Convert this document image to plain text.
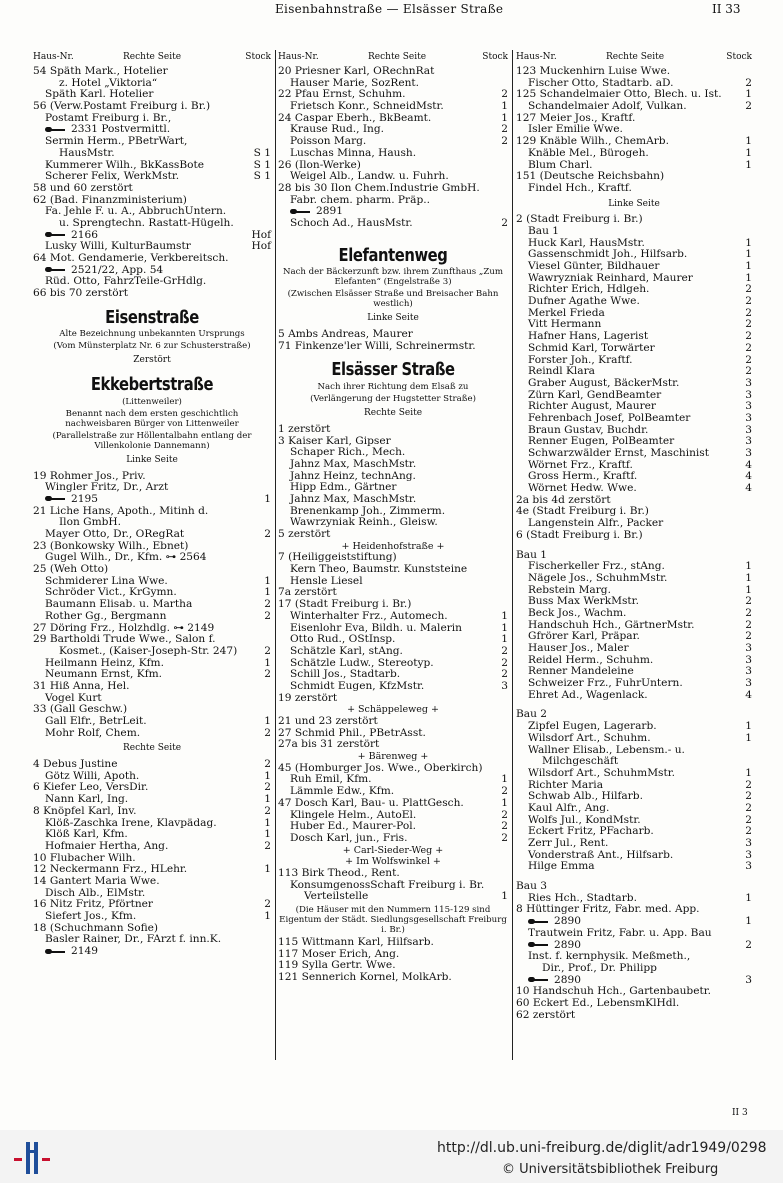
Eisenbahnstraße — Elsässer Straße	II 33
Haus-Nr.	Rechte Seite	Stock Haus-Nr.	Rechte Seite	Stock Haus-Nr.	Rechte Seite	Stock
54 Späth Mark., Hotelier
z. Hotel „Viktoria“
Späth Karl. Hotelier
56 (Verw.Postamt Freiburg i. Br.)
Postamt Freiburg i. Br.,
2331 Postvermittl.
Sermin Herm., PBetrWart,
HausMstr.	S 1
Kummerer Wilh., BkKassBote	S 1
Scherer Felix, WerkMstr.	S 1
58 und 60 zerstört
62 (Bad. Finanzministerium)
Fa. Jehle F. u. A., AbbruchUntern.
u. Sprengtechn. Rastatt-Hügelh.
2166	Hof
Lusky Willi, KulturBaumstr	Hof
64 Mot. Gendamerie, Verkbereitsch.
2521/22, App. 54
Rüd. Otto, FahrzTeile-GrHdlg.
66 bis 70 zerstört
Eisenstraße
Alte Bezeichnung unbekannten Ursprungs
(Vom Münsterplatz Nr. 6 zur Schusterstraße)
Zerstört
Ekkebertstraße
(Littenweiler)
Benannt nach dem ersten geschichtlich nachweisbaren Bürger von Littenweiler
(Parallelstraße zur Höllentalbahn entlang der Villenkolonie Dannemann)
Linke Seite
19 Rohmer Jos., Priv.
Wingler Fritz, Dr., Arzt
2195	1
21 Liche Hans, Apoth., Mitinh d.
Ilon GmbH.
Mayer Otto, Dr., ORegRat	2
23 (Bonkowsky Wilh., Ebnet)
Gugel Wilh., Dr., Kfm. ⊶ 2564
25 (Weh Otto)
Schmiderer Lina Wwe.	1
Schröder Vict., KrGymn.	1
Baumann Elisab. u. Martha	2
Rother Gg., Bergmann	2
27 Döring Frz., Holzhdlg. ⊶ 2149
29 Bartholdi Trude Wwe., Salon f.
Kosmet., (Kaiser-Joseph-Str. 247)	2
Heilmann Heinz, Kfm.	1
Neumann Ernst, Kfm.	2
31 Hiß Anna, Hel.
Vogel Kurt
33 (Gall Geschw.)
Gall Elfr., BetrLeit.	1
Mohr Rolf, Chem.	2
Rechte Seite
4 Debus Justine	2
Götz Willi, Apoth.	1
6 Kiefer Leo, VersDir.	2
Nann Karl, Ing.	1
8 Knöpfel Karl, Inv.	2
Klöß-Zaschka Irene, Klavpädag.	1
Klöß Karl, Kfm.	1
Hofmaier Hertha, Ang.	2
10 Flubacher Wilh.
12 Neckermann Frz., HLehr.	1
14 Gantert Maria Wwe.
Disch Alb., ElMstr.
16 Nitz Fritz, Pförtner	2
Siefert Jos., Kfm.	1
18 (Schuchmann Sofie)
Basler Rainer, Dr., FArzt f. inn.K.
2149
20 Priesner Karl, ORechnRat
Hauser Marie, SozRent.
22 Pfau Ernst, Schuhm.	2
Frietsch Konr., SchneidMstr.	1
24 Caspar Eberh., BkBeamt.	1
Krause Rud., Ing.	2
Poisson Marg.	2
Luschas Minna, Haush.
26 (Ilon-Werke)
Weigel Alb., Landw. u. Fuhrh.
28 bis 30 Ilon Chem.Industrie GmbH.
Fabr. chem. pharm. Präp..
2891
Schoch Ad., HausMstr.	2
Elefantenweg
Nach der Bäckerzunft bzw. ihrem Zunfthaus „Zum Elefanten“ (Engelstraße 3)
(Zwischen Elsässer Straße und Breisacher Bahn westlich)
Linke Seite
5 Ambs Andreas, Maurer
71 Finkenze'ler Willi, Schreinermstr.
Elsässer Straße
Nach ihrer Richtung dem Elsaß zu
(Verlängerung der Hugstetter Straße)
Rechte Seite
1 zerstört
3 Kaiser Karl, Gipser
Schaper Rich., Mech.
Jahnz Max, MaschMstr.
Jahnz Heinz, technAng.
Hipp Edm., Gärtner
Jahnz Max, MaschMstr.
Brenenkamp Joh., Zimmerm.
Wawrzyniak Reinh., Gleisw.
5 zerstört
+ Heidenhofstraße +
7 (Heiliggeiststiftung)
Kern Theo, Baumstr. Kunststeine
Hensle Liesel
7a zerstört
17 (Stadt Freiburg i. Br.)
Winterhalter Frz., Automech.	1
Eisenlohr Eva, Bildh. u. Malerin	1
Otto Rud., OStInsp.	1
Schätzle Karl, stAng.	2
Schätzle Ludw., Stereotyp.	2
Schill Jos., Stadtarb.	2
Schmidt Eugen, KfzMstr.	3
19 zerstört
+ Schäppeleweg +
21 und 23 zerstört
27 Schmid Phil., PBetrAsst.
27a bis 31 zerstört
+ Bärenweg +
45 (Homburger Jos. Wwe., Oberkirch)
Ruh Emil, Kfm.	1
Lämmle Edw., Kfm.	2
47 Dosch Karl, Bau- u. PlattGesch.	1
Klingele Helm., AutoEl.	2
Huber Ed., Maurer-Pol.	2
Dosch Karl, jun., Fris.	2
+ Carl-Sieder-Weg +
+ Im Wolfswinkel +
113 Birk Theod., Rent.
KonsumgenossSchaft Freiburg i. Br.
Verteilstelle	1
(Die Häuser mit den Nummern 115-129 sind Eigentum der Städt. Siedlungsgesellschaft Freiburg i. Br.)
115 Wittmann Karl, Hilfsarb.
117 Moser Erich, Ang.
119 Sylla Gertr. Wwe.
121 Sennerich Kornel, MolkArb.
123 Muckenhirn Luise Wwe.
Fischer Otto, Stadtarb. aD.	2
125 Schandelmaier Otto, Blech. u. Ist. 1
Schandelmaier Adolf, Vulkan.	2
127 Meier Jos., Kraftf.
Isler Emilie Wwe.
129 Knäble Wilh., ChemArb.	1
Knäble Mel., Bürogeh.	1
Blum Charl.	1
151 (Deutsche Reichsbahn)
Findel Hch., Kraftf.
Linke Seite
2 (Stadt Freiburg i. Br.)
Bau 1
Huck Karl, HausMstr.	1
Gassenschmidt Joh., Hilfsarb.	1
Viesel Günter, Bildhauer	1
Wawryzniak Reinhard, Maurer	1
Richter Erich, Hdlgeh.	2
Dufner Agathe Wwe.	2
Merkel Frieda	2
Vitt Hermann	2
Hafner Hans, Lagerist	2
Schmid Karl, Torwärter	2
Forster Joh., Kraftf.	2
Reindl Klara	2
Graber August, BäckerMstr.	3
Zürn Karl, GendBeamter	3
Richter August, Maurer	3
Fehrenbach Josef, PolBeamter	3
Braun Gustav, Buchdr.	3
Renner Eugen, PolBeamter	3
Schwarzwälder Ernst, Maschinist	3
Wörnet Frz., Kraftf.	4
Gross Herm., Kraftf.	4
Wörnet Hedw. Wwe.	4
2a bis 4d zerstört
4e (Stadt Freiburg i. Br.)
Langenstein Alfr., Packer
6 (Stadt Freiburg i. Br.)
Bau 1
Fischerkeller Frz., stAng.	1
Nägele Jos., SchuhmMstr.	1
Rebstein Marg.	1
Buss Max WerkMstr.	2
Beck Jos., Wachm.	2
Handschuh Hch., GärtnerMstr.	2
Gfrörer Karl, Präpar.	2
Hauser Jos., Maler	3
Reidel Herm., Schuhm.	3
Renner Mandeleine	3
Schweizer Frz., FuhrUntern.	3
Ehret Ad., Wagenlack.	4
Bau 2
Zipfel Eugen, Lagerarb.	1
Wilsdorf Art., Schuhm.	1
Wallner Elisab., Lebensm.- u.
Milchgeschäft
Wilsdorf Art., SchuhmMstr.	1
Richter Maria	2
Schwab Alb., Hilfarb.	2
Kaul Alfr., Ang.	2
Wolfs Jul., KondMstr.	2
Eckert Fritz, PFacharb.	2
Zerr Jul., Rent.	3
Vonderstraß Ant., Hilfsarb.	3
Hilge Emma	3
Bau 3
Ries Hch., Stadtarb.	1
8 Hüttinger Fritz, Fabr. med. App.
2890	1
Trautwein Fritz, Fabr. u. App. Bau
2890	2
Inst. f. kernphysik. Meßmeth.,
Dir., Prof., Dr. Philipp
2890	3
10 Handschuh Hch., Gartenbaubetr.
60 Eckert Ed., LebensmKlHdl.
62 zerstört
II 3
http://dl.ub.uni-freiburg.de/diglit/adr1949/0298
© Universitätsbibliothek Freiburg
